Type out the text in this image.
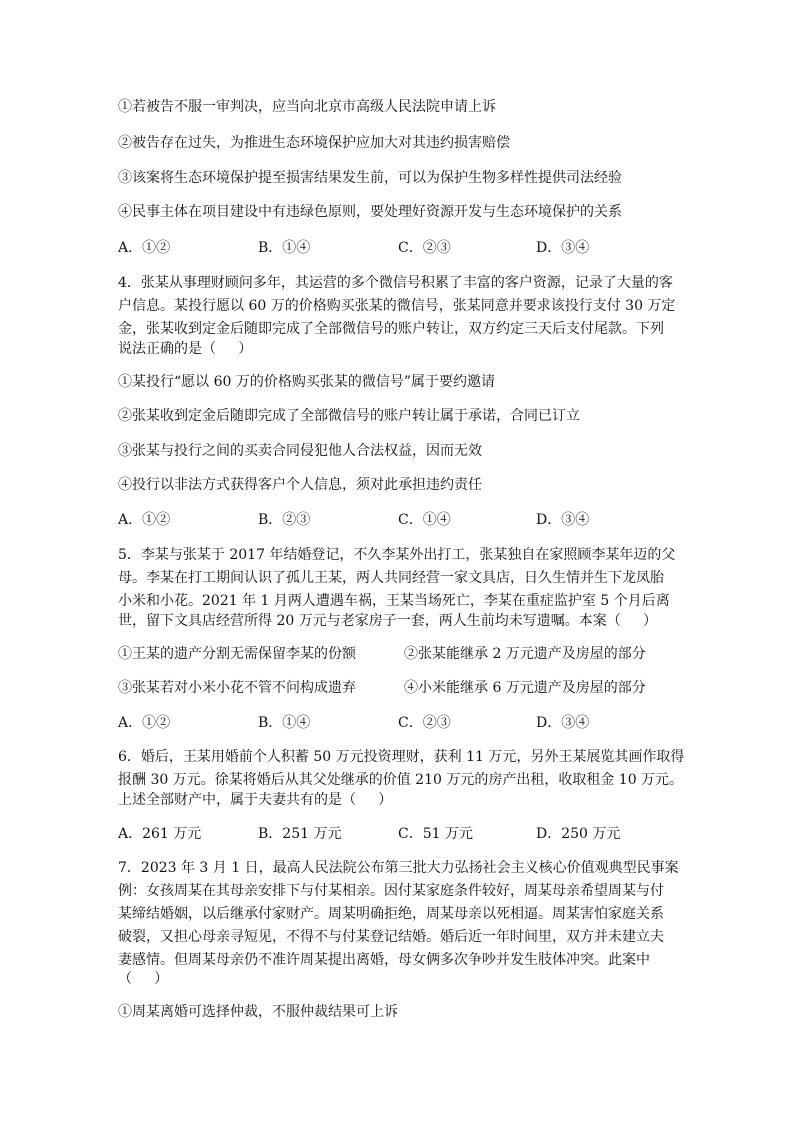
①若被告不服一审判决，应当向北京市高级人民法院申请上诉
②被告存在过失，为推进生态环境保护应加大对其违约损害赔偿
③该案将生态环境保护提至损害结果发生前，可以为保护生物多样性提供司法经验
④民事主体在项目建设中有违绿色原则，要处理好资源开发与生态环境保护的关系
A．①②	B．①④	C．②③	D．③④
4．张某从事理财顾问多年，其运营的多个微信号积累了丰富的客户资源，记录了大量的客
户信息。某投行愿以 60 万的价格购买张某的微信号，张某同意并要求该投行支付 30 万定
金，张某收到定金后随即完成了全部微信号的账户转让，双方约定三天后支付尾款。下列
说法正确的是（     ）
①某投行“愿以 60 万的价格购买张某的微信号”属于要约邀请
②张某收到定金后随即完成了全部微信号的账户转让属于承诺，合同已订立
③张某与投行之间的买卖合同侵犯他人合法权益，因而无效
④投行以非法方式获得客户个人信息，须对此承担违约责任
A．①②	B．②③	C．①④	D．③④
5．李某与张某于 2017 年结婚登记，不久李某外出打工，张某独自在家照顾李某年迈的父
母。李某在打工期间认识了孤儿王某，两人共同经营一家文具店，日久生情并生下龙凤胎
小米和小花。2021 年 1 月两人遭遇车祸，王某当场死亡，李某在重症监护室 5 个月后离
世，留下文具店经营所得 20 万元与老家房子一套，两人生前均未写遗嘱。本案（     ）
①王某的遗产分割无需保留李某的份额	②张某能继承 2 万元遗产及房屋的部分
③张某若对小米小花不管不问构成遗弃	④小米能继承 6 万元遗产及房屋的部分
A．①②	B．①④	C．②③	D．③④
6．婚后，王某用婚前个人积蓄 50 万元投资理财，获利 11 万元，另外王某展览其画作取得
报酬 30 万元。徐某将婚后从其父处继承的价值 210 万元的房产出租，收取租金 10 万元。
上述全部财产中，属于夫妻共有的是（     ）
A．261 万元	B．251 万元	C．51 万元	D．250 万元
7．2023 年 3 月 1 日，最高人民法院公布第三批大力弘扬社会主义核心价值观典型民事案
例：女孩周某在其母亲安排下与付某相亲。因付某家庭条件较好，周某母亲希望周某与付
某缔结婚姻，以后继承付家财产。周某明确拒绝，周某母亲以死相逼。周某害怕家庭关系
破裂，又担心母亲寻短见，不得不与付某登记结婚。婚后近一年时间里，双方并未建立夫
妻感情。但周某母亲仍不准许周某提出离婚，母女俩多次争吵并发生肢体冲突。此案中
（     ）
①周某离婚可选择仲裁，不服仲裁结果可上诉
